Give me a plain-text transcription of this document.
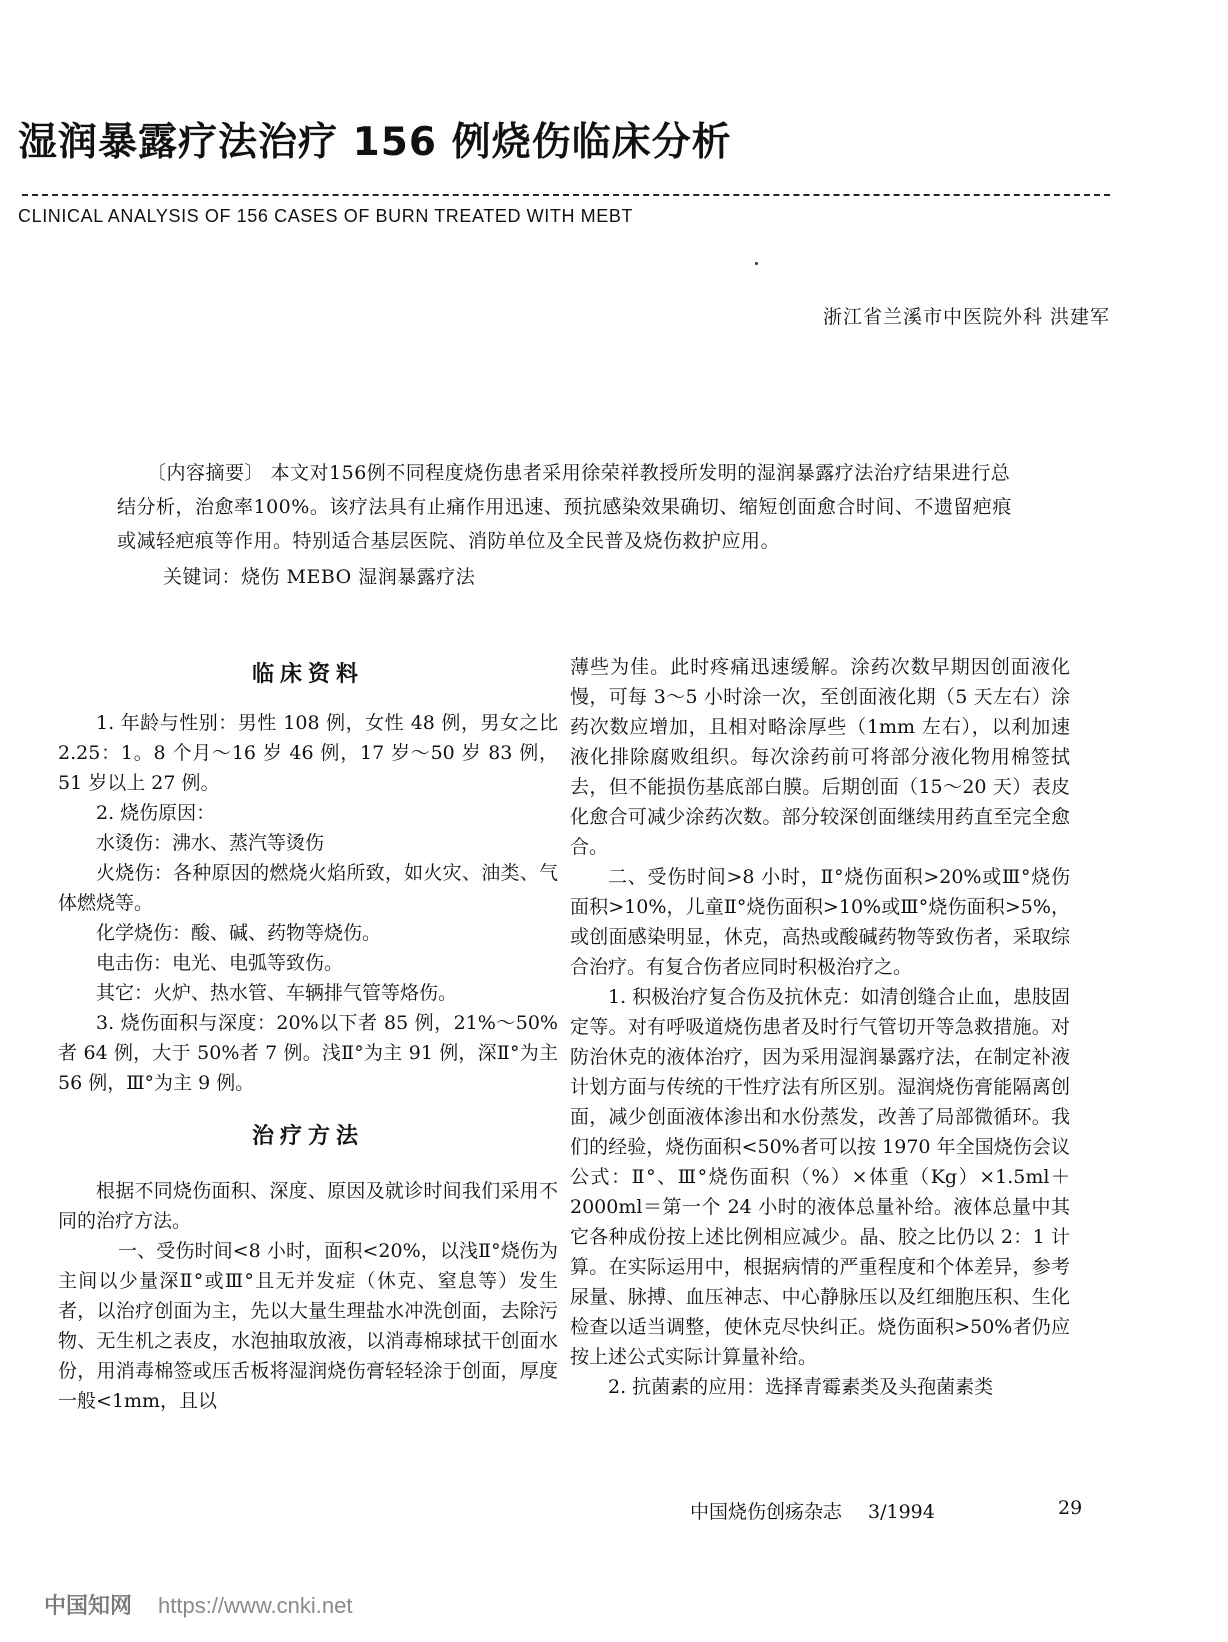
湿润暴露疗法治疗 156 例烧伤临床分析
CLINICAL ANALYSIS OF 156 CASES OF BURN TREATED WITH MEBT
浙江省兰溪市中医院外科 洪建军

〔内容摘要〕 本文对156例不同程度烧伤患者采用徐荣祥教授所发明的湿润暴露疗法治疗结果进行总结分析，治愈率100%。该疗法具有止痛作用迅速、预抗感染效果确切、缩短创面愈合时间、不遗留疤痕或减轻疤痕等作用。特别适合基层医院、消防单位及全民普及烧伤救护应用。

关键词：烧伤 MEBO 湿润暴露疗法

临床资料

1. 年龄与性别：男性 108 例，女性 48 例，男女之比 2.25：1。8 个月～16 岁 46 例，17 岁～50 岁 83 例，51 岁以上 27 例。

2. 烧伤原因：

水烫伤：沸水、蒸汽等烫伤

火烧伤：各种原因的燃烧火焰所致，如火灾、油类、气体燃烧等。

化学烧伤：酸、碱、药物等烧伤。

电击伤：电光、电弧等致伤。

其它：火炉、热水管、车辆排气管等烙伤。

3. 烧伤面积与深度：20%以下者 85 例，21%～50%者 64 例，大于 50%者 7 例。浅Ⅱ°为主 91 例，深Ⅱ°为主 56 例，Ⅲ°为主 9 例。

治疗方法

根据不同烧伤面积、深度、原因及就诊时间我们采用不同的治疗方法。

一、受伤时间<8 小时，面积<20%，以浅Ⅱ°烧伤为主间以少量深Ⅱ°或Ⅲ°且无并发症（休克、窒息等）发生者，以治疗创面为主，先以大量生理盐水冲洗创面，去除污物、无生机之表皮，水泡抽取放液，以消毒棉球拭干创面水份，用消毒棉签或压舌板将湿润烧伤膏轻轻涂于创面，厚度一般<1mm，且以

薄些为佳。此时疼痛迅速缓解。涂药次数早期因创面液化慢，可每 3～5 小时涂一次，至创面液化期（5 天左右）涂药次数应增加，且相对略涂厚些（1mm 左右），以利加速液化排除腐败组织。每次涂药前可将部分液化物用棉签拭去，但不能损伤基底部白膜。后期创面（15～20 天）表皮化愈合可减少涂药次数。部分较深创面继续用药直至完全愈合。

二、受伤时间>8 小时，Ⅱ°烧伤面积>20%或Ⅲ°烧伤面积>10%，儿童Ⅱ°烧伤面积>10%或Ⅲ°烧伤面积>5%，或创面感染明显，休克，高热或酸碱药物等致伤者，采取综合治疗。有复合伤者应同时积极治疗之。

1. 积极治疗复合伤及抗休克：如清创缝合止血，患肢固定等。对有呼吸道烧伤患者及时行气管切开等急救措施。对防治休克的液体治疗，因为采用湿润暴露疗法，在制定补液计划方面与传统的干性疗法有所区别。湿润烧伤膏能隔离创面，减少创面液体渗出和水份蒸发，改善了局部微循环。我们的经验，烧伤面积<50%者可以按 1970 年全国烧伤会议公式：Ⅱ°、Ⅲ°烧伤面积（%）×体重（Kg）×1.5ml＋2000ml＝第一个 24 小时的液体总量补给。液体总量中其它各种成份按上述比例相应减少。晶、胶之比仍以 2：1 计算。在实际运用中，根据病情的严重程度和个体差异，参考尿量、脉搏、血压神志、中心静脉压以及红细胞压积、生化检查以适当调整，使休克尽快纠正。烧伤面积>50%者仍应按上述公式实际计算量补给。

2. 抗菌素的应用：选择青霉素类及头孢菌素类

中国烧伤创疡杂志 3/1994	29
中国知网 https://www.cnki.net
